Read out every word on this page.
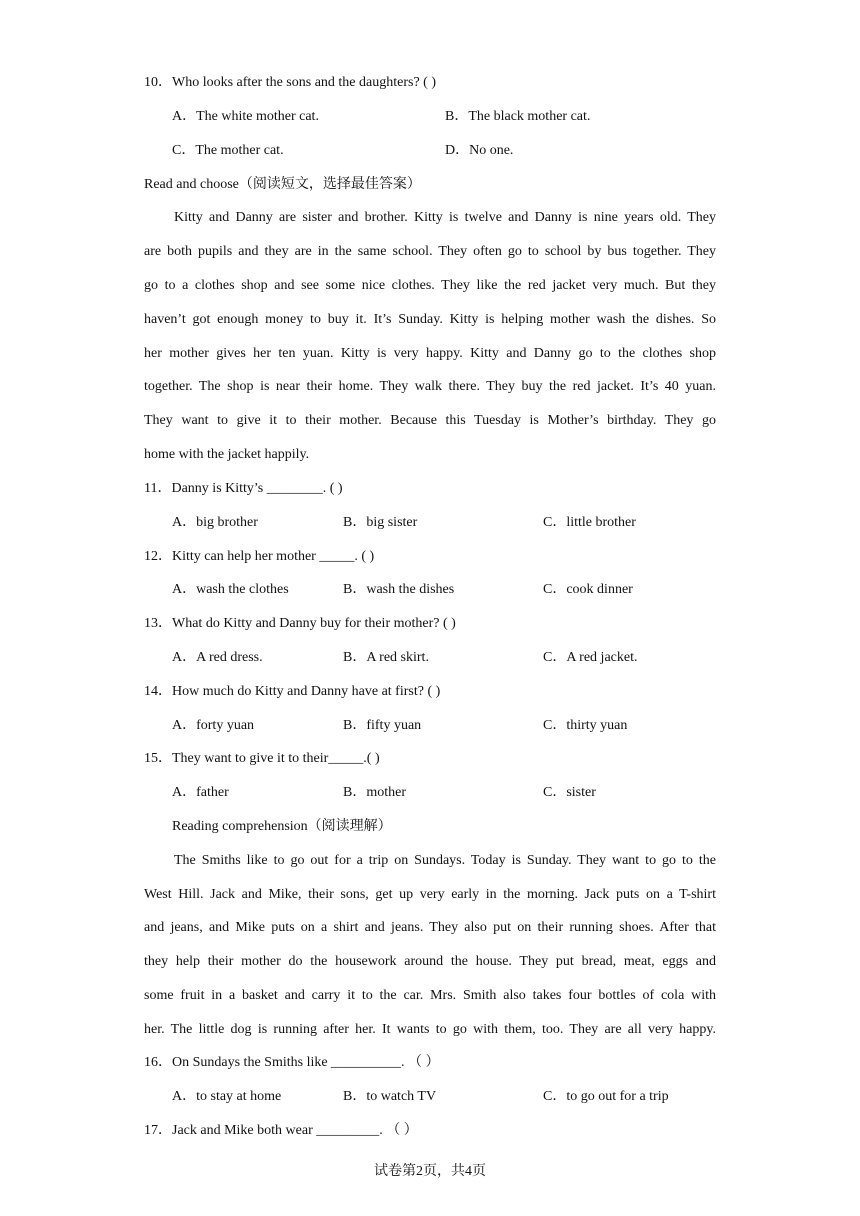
10．Who looks after the sons and the daughters? ( )
A．The white mother cat.	B．The black mother cat.
C．The mother cat.	D．No one.
Read and choose（阅读短文，选择最佳答案）
Kitty and Danny are sister and brother. Kitty is twelve and Danny is nine years old. They
are both pupils and they are in the same school. They often go to school by bus together. They
go to a clothes shop and see some nice clothes. They like the red jacket very much. But they
haven’t got enough money to buy it. It’s Sunday. Kitty is helping mother wash the dishes. So
her mother gives her ten yuan. Kitty is very happy. Kitty and Danny go to the clothes shop
together. The shop is near their home. They walk there. They buy the red jacket. It’s 40 yuan.
They want to give it to their mother. Because this Tuesday is Mother’s birthday. They go
home with the jacket happily.
11．Danny is Kitty’s ________. ( )
A．big brother	B．big sister	C．little brother
12．Kitty can help her mother _____. ( )
A．wash the clothes	B．wash the dishes	C．cook dinner
13．What do Kitty and Danny buy for their mother? ( )
A．A red dress.	B．A red skirt.	C．A red jacket.
14．How much do Kitty and Danny have at first? ( )
A．forty yuan	B．fifty yuan	C．thirty yuan
15．They want to give it to their_____.( )
A．father	B．mother	C．sister
Reading comprehension（阅读理解）
The Smiths like to go out for a trip on Sundays. Today is Sunday. They want to go to the
West Hill. Jack and Mike, their sons, get up very early in the morning. Jack puts on a T-shirt
and jeans, and Mike puts on a shirt and jeans. They also put on their running shoes. After that
they help their mother do the housework around the house. They put bread, meat, eggs and
some fruit in a basket and carry it to the car. Mrs. Smith also takes four bottles of cola with
her. The little dog is running after her. It wants to go with them, too. They are all very happy.
16．On Sundays the Smiths like __________. （ ）
A．to stay at home	B．to watch TV	C．to go out for a trip
17．Jack and Mike both wear _________. （ ）
试卷第2页，共4页
